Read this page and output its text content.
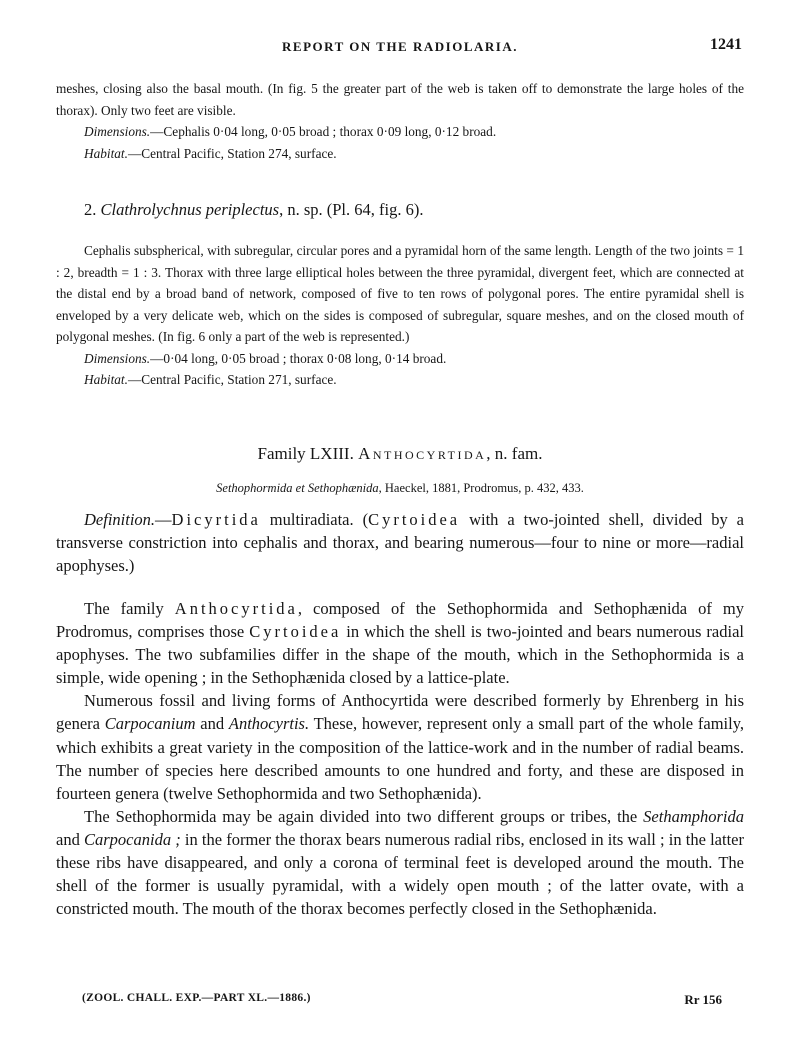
REPORT ON THE RADIOLARIA.	1241

meshes, closing also the basal mouth. (In fig. 5 the greater part of the web is taken off to demonstrate the large holes of the thorax). Only two feet are visible.

Dimensions.—Cephalis 0·04 long, 0·05 broad ; thorax 0·09 long, 0·12 broad.

Habitat.—Central Pacific, Station 274, surface.

2. Clathrolychnus periplectus, n. sp. (Pl. 64, fig. 6).

Cephalis subspherical, with subregular, circular pores and a pyramidal horn of the same length. Length of the two joints = 1 : 2, breadth = 1 : 3. Thorax with three large elliptical holes between the three pyramidal, divergent feet, which are connected at the distal end by a broad band of network, composed of five to ten rows of polygonal pores. The entire pyramidal shell is enveloped by a very delicate web, which on the sides is composed of subregular, square meshes, and on the closed mouth of polygonal meshes. (In fig. 6 only a part of the web is represented.)

Dimensions.—0·04 long, 0·05 broad ; thorax 0·08 long, 0·14 broad.

Habitat.—Central Pacific, Station 271, surface.

Family LXIII. Anthocyrtida, n. fam.
Sethophormida et Sethophænida, Haeckel, 1881, Prodromus, p. 432, 433.

Definition.—Dicyrtida multiradiata. (Cyrtoidea with a two-jointed shell, divided by a transverse constriction into cephalis and thorax, and bearing numerous—four to nine or more—radial apophyses.)

The family Anthocyrtida, composed of the Sethophormida and Sethophænida of my Prodromus, comprises those Cyrtoidea in which the shell is two-jointed and bears numerous radial apophyses. The two subfamilies differ in the shape of the mouth, which in the Sethophormida is a simple, wide opening ; in the Sethophænida closed by a lattice-plate.

Numerous fossil and living forms of Anthocyrtida were described formerly by Ehrenberg in his genera Carpocanium and Anthocyrtis. These, however, represent only a small part of the whole family, which exhibits a great variety in the composition of the lattice-work and in the number of radial beams. The number of species here described amounts to one hundred and forty, and these are disposed in fourteen genera (twelve Sethophormida and two Sethophænida).

The Sethophormida may be again divided into two different groups or tribes, the Sethamphorida and Carpocanida ; in the former the thorax bears numerous radial ribs, enclosed in its wall ; in the latter these ribs have disappeared, and only a corona of terminal feet is developed around the mouth. The shell of the former is usually pyramidal, with a widely open mouth ; of the latter ovate, with a constricted mouth. The mouth of the thorax becomes perfectly closed in the Sethophænida.

(ZOOL. CHALL. EXP.—PART XL.—1886.)	Rr 156
